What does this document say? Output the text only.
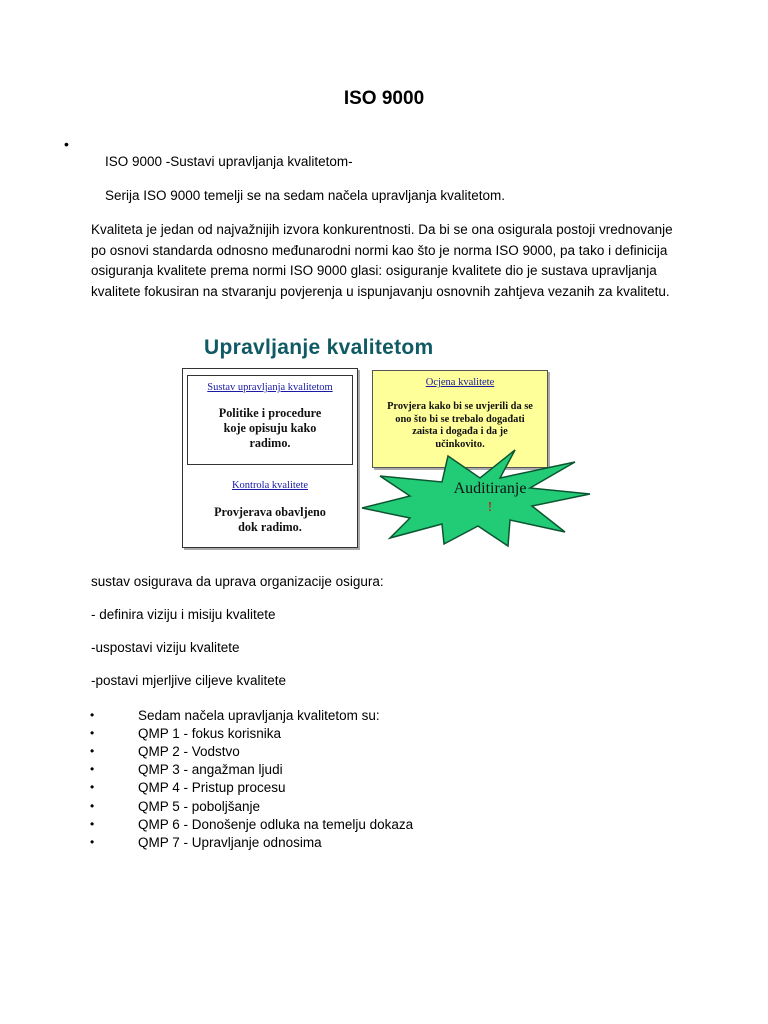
ISO 9000
•
ISO 9000 -Sustavi upravljanja kvalitetom-
Serija ISO 9000 temelji se na sedam načela upravljanja kvalitetom.
Kvaliteta je jedan od najvažnijih izvora konkurentnosti. Da bi se ona osigurala postoji vrednovanje po osnovi standarda odnosno međunarodni normi kao što je norma ISO 9000, pa tako i definicija osiguranja kvalitete prema normi ISO 9000 glasi: osiguranje kvalitete dio je sustava upravljanja kvalitete fokusiran na stvaranju povjerenja u ispunjavanju osnovnih zahtjeva vezanih za kvalitetu.
Upravljanje kvalitetom
Sustav upravljanja kvalitetom
Politike i procedure
koje opisuju kako
radimo.
Kontrola kvalitete
Provjerava obavljeno
dok radimo.
Ocjena kvalitete
Provjera kako bi se uvjerili da se
ono što bi se trebalo događati
zaista i događa i da je
učinkovito.
Auditiranje
!
sustav osigurava da uprava organizacije osigura:
- definira viziju i misiju kvalitete
-uspostavi viziju kvalitete
-postavi mjerljive ciljeve kvalitete
•	Sedam načela upravljanja kvalitetom su:
•	QMP 1 - fokus korisnika
•	QMP 2 - Vodstvo
•	QMP 3 - angažman ljudi
•	QMP 4 - Pristup procesu
•	QMP 5 - poboljšanje
•	QMP 6 - Donošenje odluka na temelju dokaza
•	QMP 7 - Upravljanje odnosima
